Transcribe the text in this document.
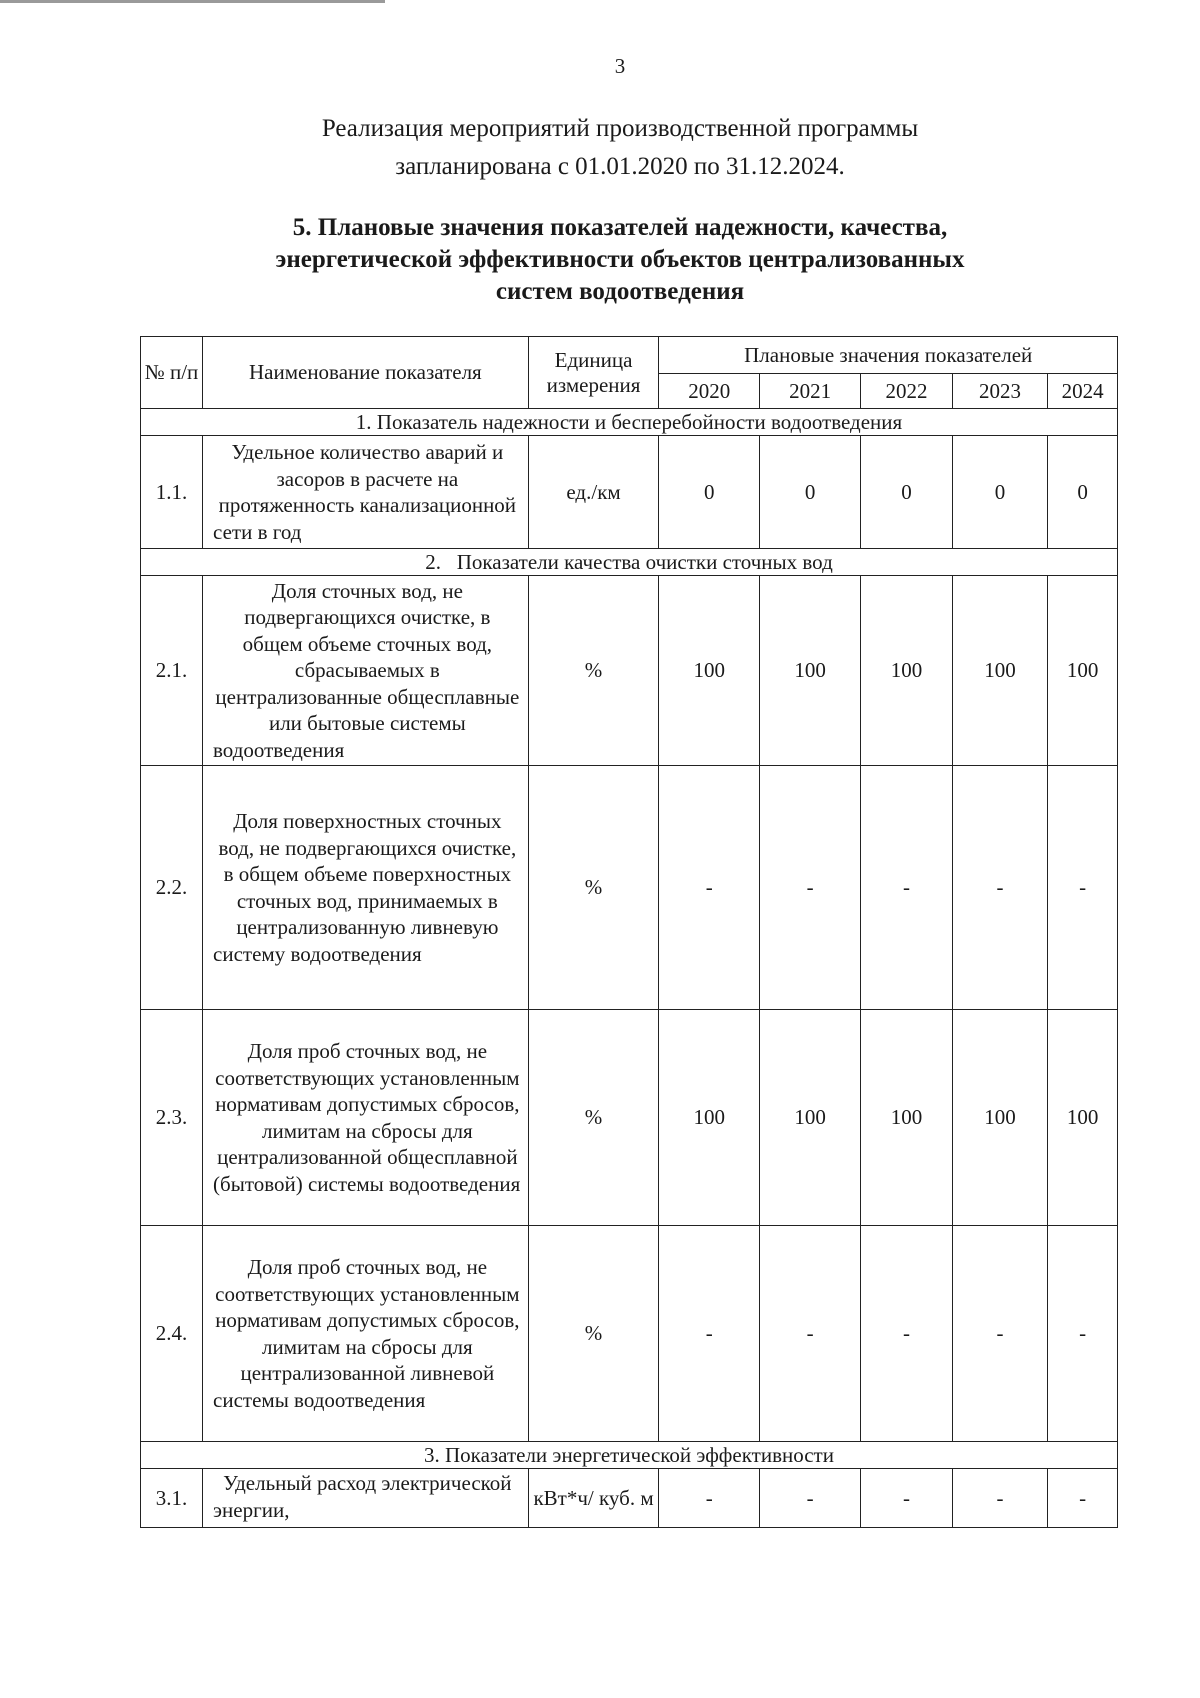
3
Реализация мероприятий производственной программы
запланирована с 01.01.2020 по 31.12.2024.
5. Плановые значения показателей надежности, качества,
энергетической эффективности объектов централизованных
систем водоотведения
№ п/п	Наименование показателя	Единица измерения	Плановые значения показателей				
			2020	2021	2022	2023	2024
1. Показатель надежности и бесперебойности водоотведения							
1.1.	Удельное количество аварий и засоров в расчете на протяженность канализационной сети в год	ед./км	0	0	0	0	0
2.   Показатели качества очистки сточных вод							
2.1.	Доля сточных вод, не подвергающихся очистке, в общем объеме сточных вод, сбрасываемых в централизованные общесплавные или бытовые системы водоотведения	%	100	100	100	100	100
2.2.	Доля поверхностных сточных вод, не подвергающихся очистке, в общем объеме поверхностных сточных вод, принимаемых в централизованную ливневую систему водоотведения	%	-	-	-	-	-
2.3.	Доля проб сточных вод, не соответствующих установленным нормативам допустимых сбросов, лимитам на сбросы для централизованной общесплавной (бытовой) системы водоотведения	%	100	100	100	100	100
2.4.	Доля проб сточных вод, не соответствующих установленным нормативам допустимых сбросов, лимитам на сбросы для централизованной ливневой системы водоотведения	%	-	-	-	-	-
3. Показатели энергетической эффективности							
3.1.	Удельный расход электрической энергии,	кВт*ч/ куб. м	-	-	-	-	-
